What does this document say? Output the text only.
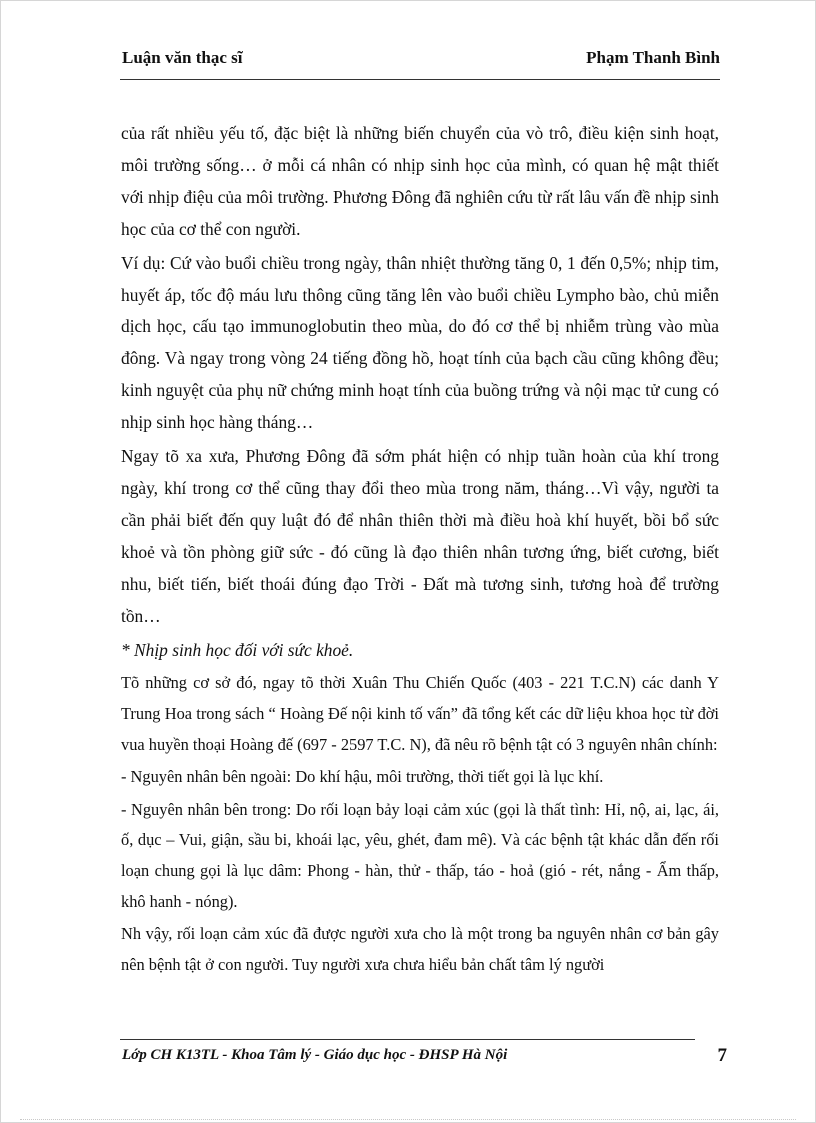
Luận văn thạc sĩ	Phạm Thanh Bình

của rất nhiều yếu tố, đặc biệt là những biến chuyển của vò trô, điều kiện sinh hoạt, môi trường sống… ở mỗi cá nhân có nhịp sinh học của mình, có quan hệ mật thiết với nhịp điệu của môi trường. Phương Đông đã nghiên cứu từ rất lâu vấn đề nhịp sinh học của cơ thể con người.

Ví dụ: Cứ vào buổi chiều trong ngày, thân nhiệt thường tăng 0, 1 đến 0,5%; nhịp tim, huyết áp, tốc độ máu lưu thông cũng tăng lên vào buổi chiều Lympho bào, chủ miễn dịch học, cấu tạo immunoglobutin theo mùa, do đó cơ thể bị nhiễm trùng vào mùa đông. Và ngay trong vòng 24 tiếng đồng hồ, hoạt tính của bạch cầu cũng không đều; kinh nguyệt của phụ nữ chứng minh hoạt tính của buồng trứng và nội mạc tử cung có nhịp sinh học hàng tháng…

Ngay tõ xa xưa, Phương Đông đã sớm phát hiện có nhịp tuần hoàn của khí trong ngày, khí trong cơ thể cũng thay đổi theo mùa trong năm, tháng…Vì vậy, người ta cần phải biết đến quy luật đó để nhân thiên thời mà điều hoà khí huyết, bồi bổ sức khoẻ và tồn phòng giữ sức - đó cũng là đạo thiên nhân tương ứng, biết cương, biết nhu, biết tiến, biết thoái đúng đạo Trời - Đất mà tương sinh, tương hoà để trường tồn…

* Nhịp sinh học đối với sức khoẻ.

Tõ những cơ sở đó, ngay tõ thời Xuân Thu Chiến Quốc (403 - 221 T.C.N) các danh Y Trung Hoa trong sách “ Hoàng Đế nội kinh tố vấn” đã tổng kết các dữ liệu khoa học từ đời vua huyền thoại Hoàng đế (697 - 2597 T.C. N), đã nêu rõ bệnh tật có 3 nguyên nhân chính:

- Nguyên nhân bên ngoài: Do khí hậu, môi trường, thời tiết gọi là lục khí.

- Nguyên nhân bên trong: Do rối loạn bảy loại cảm xúc (gọi là thất tình: Hỉ, nộ, ai, lạc, ái, ố, dục – Vui, giận, sầu bi, khoái lạc, yêu, ghét, đam mê). Và các bệnh tật khác dẫn đến rối loạn chung gọi là lục dâm: Phong - hàn, thử - thấp, táo - hoả (gió - rét, nắng - Ẩm thấp, khô hanh - nóng).

Nh vậy, rối loạn cảm xúc đã được người xưa cho là một trong ba nguyên nhân cơ bản gây nên bệnh tật ở con người. Tuy người xưa chưa hiểu bản chất tâm lý người

Lớp CH K13TL - Khoa Tâm lý - Giáo dục học - ĐHSP Hà Nội	7
